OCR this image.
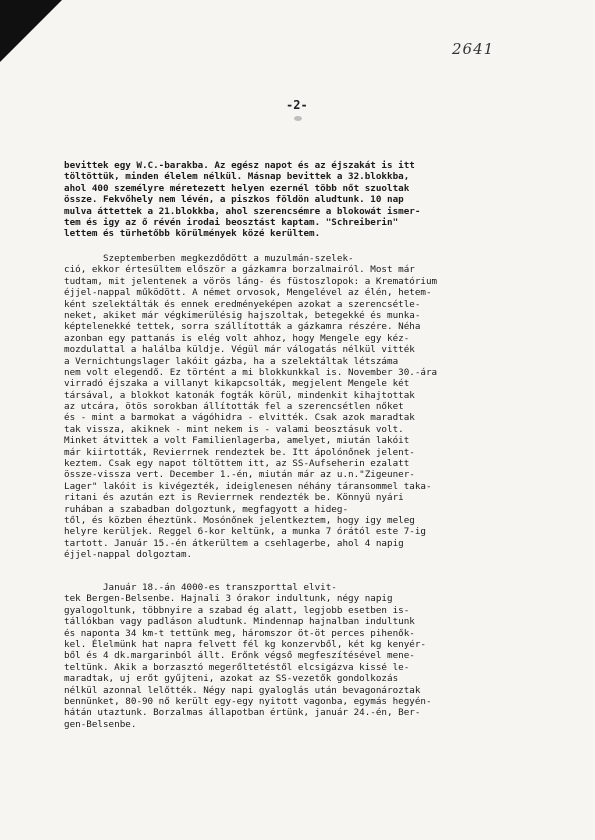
2641
-2-
bevittek egy W.C.-barakba. Az egész napot és az éjszakát is itt
töltöttük, minden élelem nélkül. Másnap bevittek a 32.blokkba,
ahol 400 személyre méretezett helyen ezernél több nőt szuoltak
össze. Fekvőhely nem lévén, a piszkos földön aludtunk. 10 nap
mulva áttettek a 21.blokkba, ahol szerencsémre a blokowát ismer-
tem és igy az ő révén irodai beosztást kaptam. "Schreiberin"
lettem és türhetőbb körülmények közé kerültem.
Szeptemberben megkezdődött a muzulmán-szelek-
ció, ekkor értesültem először a gázkamra borzalmairól. Most már
tudtam, mit jelentenek a vörös láng- és füstoszlopok: a Krematórium
éjjel-nappal működött. A német orvosok, Mengelével az élén, hetem-
ként szelektálták és ennek eredményeképen azokat a szerencsétle-
neket, akiket már végkimerülésig hajszoltak, betegekké és munka-
képtelenekké tettek, sorra szállították a gázkamra részére. Néha
azonban egy pattanás is elég volt ahhoz, hogy Mengele egy kéz-
mozdulattal a halálba küldje. Végül már válogatás nélkül vitték
a Vernichtungslager lakóit gázba, ha a szelektáltak létszáma
nem volt elegendő. Ez történt a mi blokkunkkal is. November 30.-ára
virradó éjszaka a villanyt kikapcsolták, megjelent Mengele két
társával, a blokkot katonák fogták körül, mindenkit kihajtottak
az utcára, ötös sorokban állították fel a szerencsétlen nőket
és - mint a barmokat a vágóhidra - elvitték. Csak azok maradtak
tak vissza, akiknek - mint nekem is - valami beosztásuk volt.
Minket átvittek a volt Familienlagerba, amelyet, miután lakóit
már kiirtották, Revierrnek rendeztek be. Itt ápolónőnek jelent-
keztem. Csak egy napot töltöttem itt, az SS-Aufseherin ezalatt
össze-vissza vert. December 1.-én, miután már az u.n."Zigeuner-
Lager" lakóit is kivégezték, ideiglenesen néhány táransommel taka-
ritani és azután ezt is Revierrnek rendezték be. Könnyü nyári
ruhában a szabadban dolgoztunk, megfagyott a hideg-
től, és közben éheztünk. Mosónőnek jelentkeztem, hogy igy meleg
helyre kerüljek. Reggel 6-kor keltünk, a munka 7 órától este 7-ig
tartott. Január 15.-én átkerültem a csehlagerbe, ahol 4 napig
éjjel-nappal dolgoztam.
Január 18.-án 4000-es transzporttal elvit-
tek Bergen-Belsenbe. Hajnali 3 órakor indultunk, négy napig
gyalogoltunk, többnyire a szabad ég alatt, legjobb esetben is-
tállókban vagy padláson aludtunk. Mindennap hajnalban indultunk
és naponta 34 km-t tettünk meg, háromszor öt-öt perces pihenők-
kel. Élelmünk hat napra felvett fél kg konzervből, két kg kenyér-
ből és 4 dk.margarinból állt. Erőnk végső megfeszítésével mene-
teltünk. Akik a borzasztó megerőltetéstől elcsigázva kissé le-
maradtak, uj erőt gyűjteni, azokat az SS-vezetők gondolkozás
nélkül azonnal lelőtték. Négy napi gyaloglás után bevagonároztak
bennünket, 80-90 nő került egy-egy nyitott vagonba, egymás hegyén-
hátán utaztunk. Borzalmas állapotban értünk, január 24.-én, Ber-
gen-Belsenbe.
